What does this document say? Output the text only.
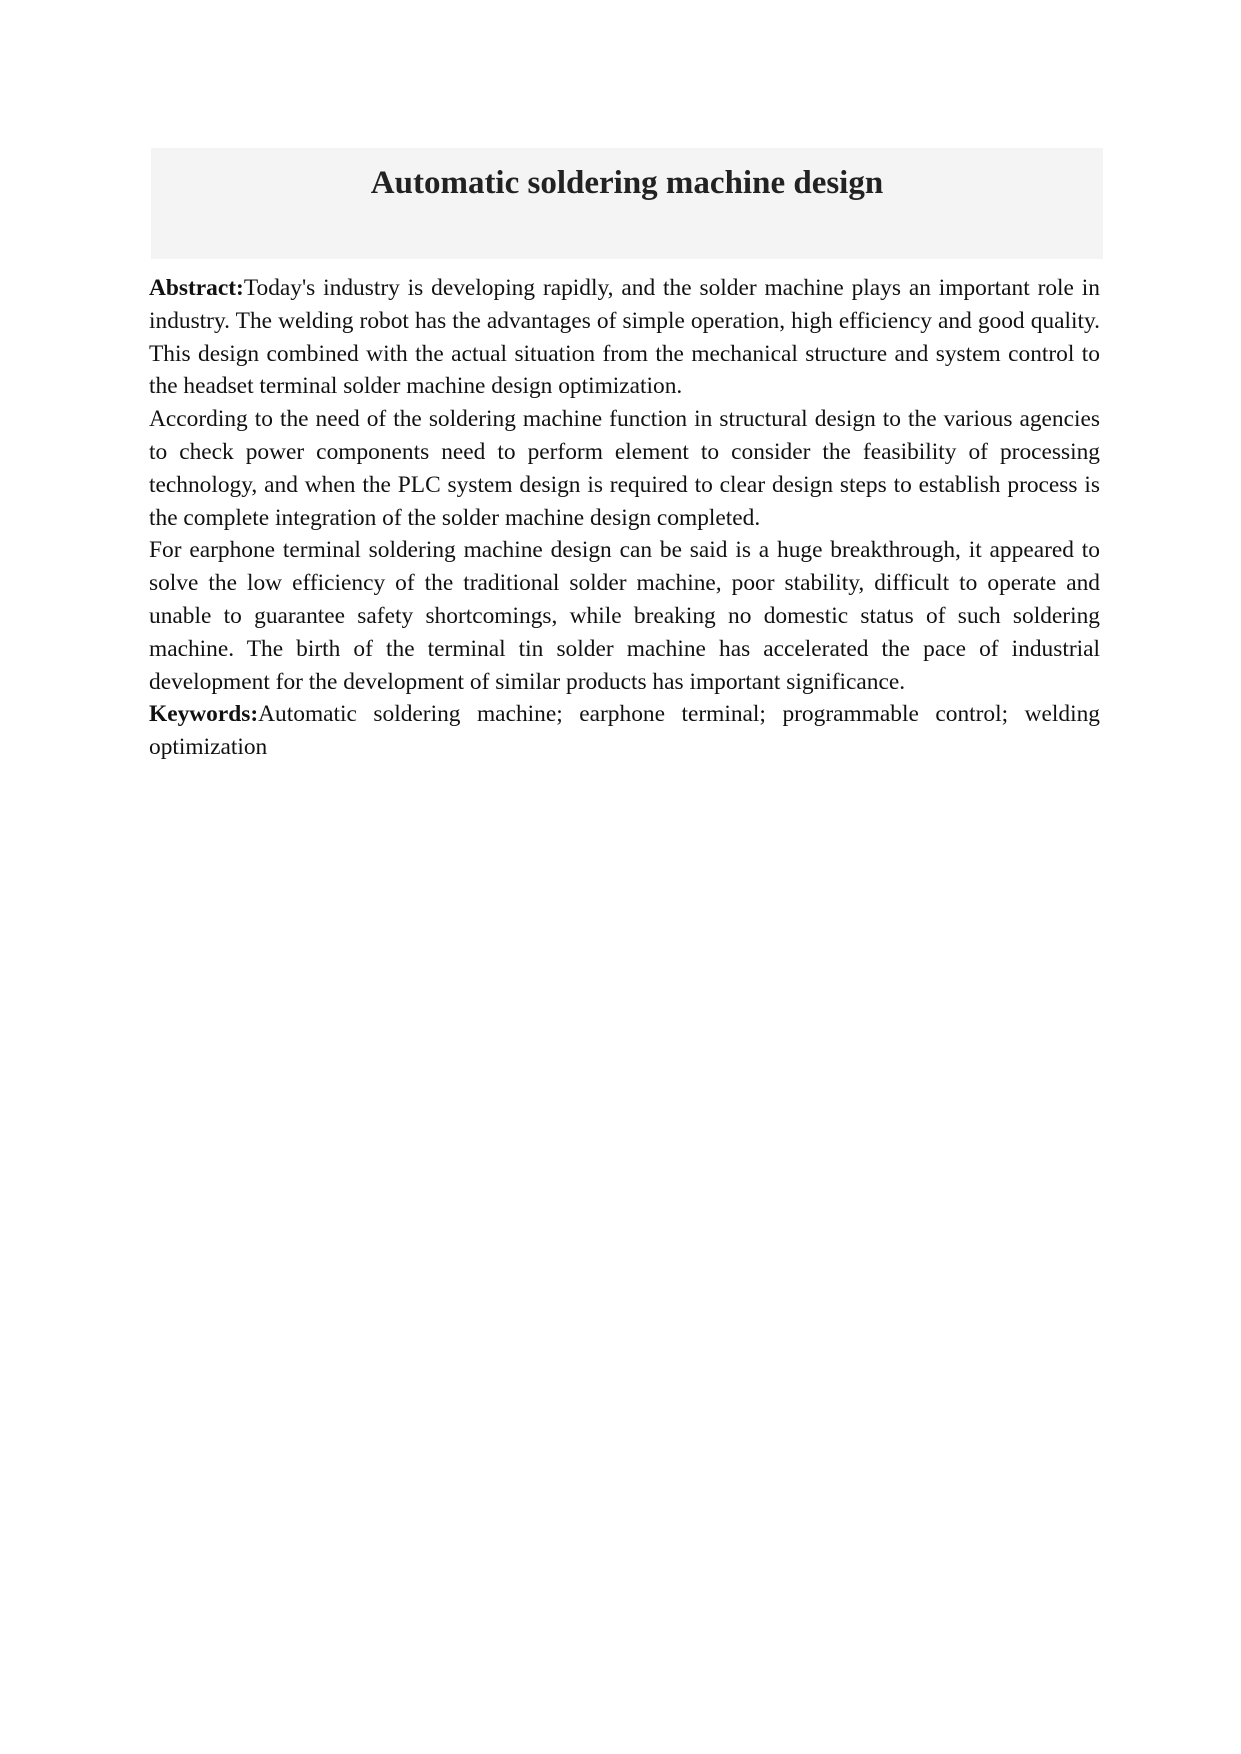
Automatic soldering machine design

Abstract:Today's industry is developing rapidly, and the solder machine plays an important role in industry. The welding robot has the advantages of simple operation, high efficiency and good quality. This design combined with the actual situation from the mechanical structure and system control to the headset terminal solder machine design optimization.

According to the need of the soldering machine function in structural design to the various agencies to check power components need to perform element to consider the feasibility of processing technology, and when the PLC system design is required to clear design steps to establish process is the complete integration of the solder machine design completed.

For earphone terminal soldering machine design can be said is a huge breakthrough, it appeared to solve the low efficiency of the traditional solder machine, poor stability, difficult to operate and unable to guarantee safety shortcomings, while breaking no domestic status of such soldering machine. The birth of the terminal tin solder machine has accelerated the pace of industrial development for the development of similar products has important significance.

Keywords:Automatic soldering machine; earphone terminal; programmable control; welding optimization
